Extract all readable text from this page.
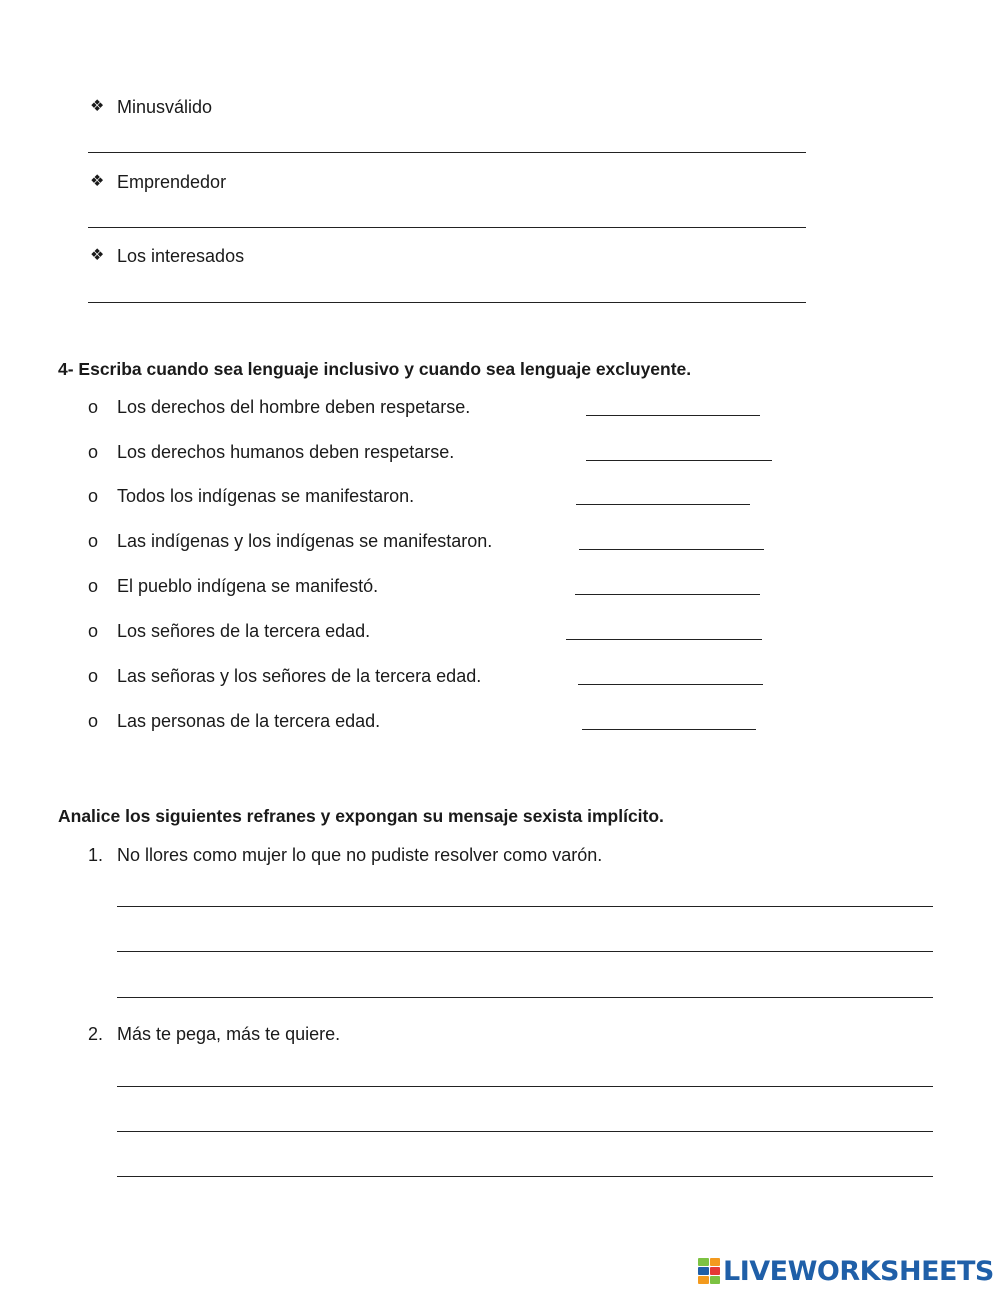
❖ Minusválido
❖ Emprendedor
❖ Los interesados
4- Escriba cuando sea lenguaje inclusivo y cuando sea lenguaje excluyente.
o Los derechos del hombre deben respetarse.
o Los derechos humanos deben respetarse.
o Todos los indígenas se manifestaron.
o Las indígenas y los indígenas se manifestaron.
o El pueblo indígena se manifestó.
o Los señores de la tercera edad.
o Las señoras y los señores de la tercera edad.
o Las personas de la tercera edad.
Analice los siguientes refranes y expongan su mensaje sexista implícito.
1. No llores como mujer lo que no pudiste resolver como varón.
2. Más te pega, más te quiere.
LIVEWORKSHEETS
